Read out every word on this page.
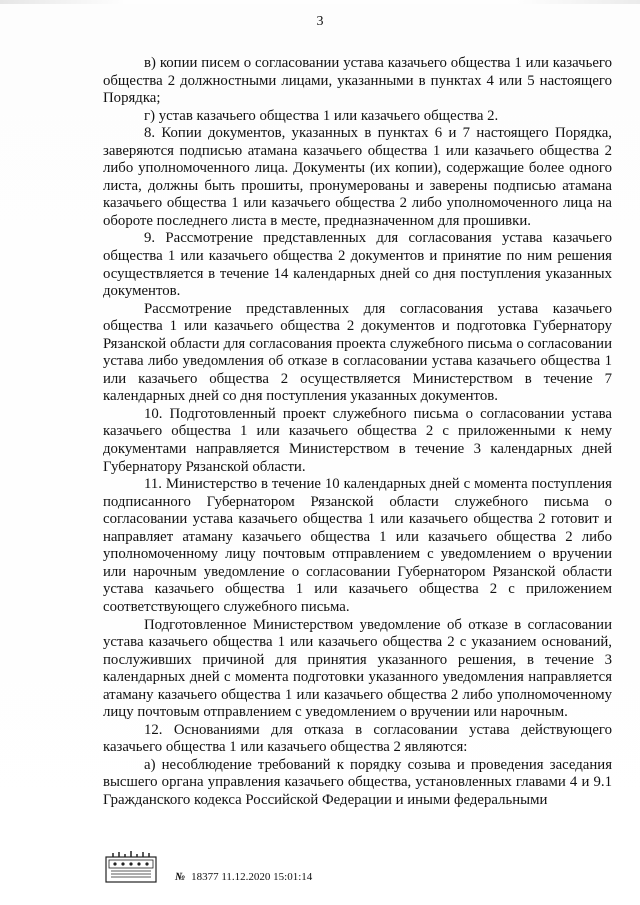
3

в) копии писем о согласовании устава казачьего общества 1 или казачьего общества 2 должностными лицами, указанными в пунктах 4 или 5 настоящего Порядка;

г) устав казачьего общества 1 или казачьего общества 2.

8. Копии документов, указанных в пунктах 6 и 7 настоящего Порядка, заверяются подписью атамана казачьего общества 1 или казачьего общества 2 либо уполномоченного лица. Документы (их копии), содержащие более одного листа, должны быть прошиты, пронумерованы и заверены подписью атамана казачьего общества 1 или казачьего общества 2 либо уполномоченного лица на обороте последнего листа в месте, предназначенном для прошивки.

9. Рассмотрение представленных для согласования устава казачьего общества 1 или казачьего общества 2 документов и принятие по ним решения осуществляется в течение 14 календарных дней со дня поступления указанных документов.

Рассмотрение представленных для согласования устава казачьего общества 1 или казачьего общества 2 документов и подготовка Губернатору Рязанской области для согласования проекта служебного письма о согласовании устава либо уведомления об отказе в согласовании устава казачьего общества 1 или казачьего общества 2 осуществляется Министерством в течение 7 календарных дней со дня поступления указанных документов.

10. Подготовленный проект служебного письма о согласовании устава казачьего общества 1 или казачьего общества 2 с приложенными к нему документами направляется Министерством в течение 3 календарных дней Губернатору Рязанской области.

11. Министерство в течение 10 календарных дней с момента поступления подписанного Губернатором Рязанской области служебного письма о согласовании устава казачьего общества 1 или казачьего общества 2 готовит и направляет атаману казачьего общества 1 или казачьего общества 2 либо уполномоченному лицу почтовым отправлением с уведомлением о вручении или нарочным уведомление о согласовании Губернатором Рязанской области устава казачьего общества 1 или казачьего общества 2 с приложением соответствующего служебного письма.

Подготовленное Министерством уведомление об отказе в согласовании устава казачьего общества 1 или казачьего общества 2 с указанием оснований, послуживших причиной для принятия указанного решения, в течение 3 календарных дней с момента подготовки указанного уведомления направляется атаману казачьего общества 1 или казачьего общества 2 либо уполномоченному лицу почтовым отправлением с уведомлением о вручении или нарочным.

12. Основаниями для отказа в согласовании устава действующего казачьего общества 1 или казачьего общества 2 являются:

а) несоблюдение требований к порядку созыва и проведения заседания высшего органа управления казачьего общества, установленных главами 4 и 9.1 Гражданского кодекса Российской Федерации и иными федеральными

№ 18377 11.12.2020 15:01:14
